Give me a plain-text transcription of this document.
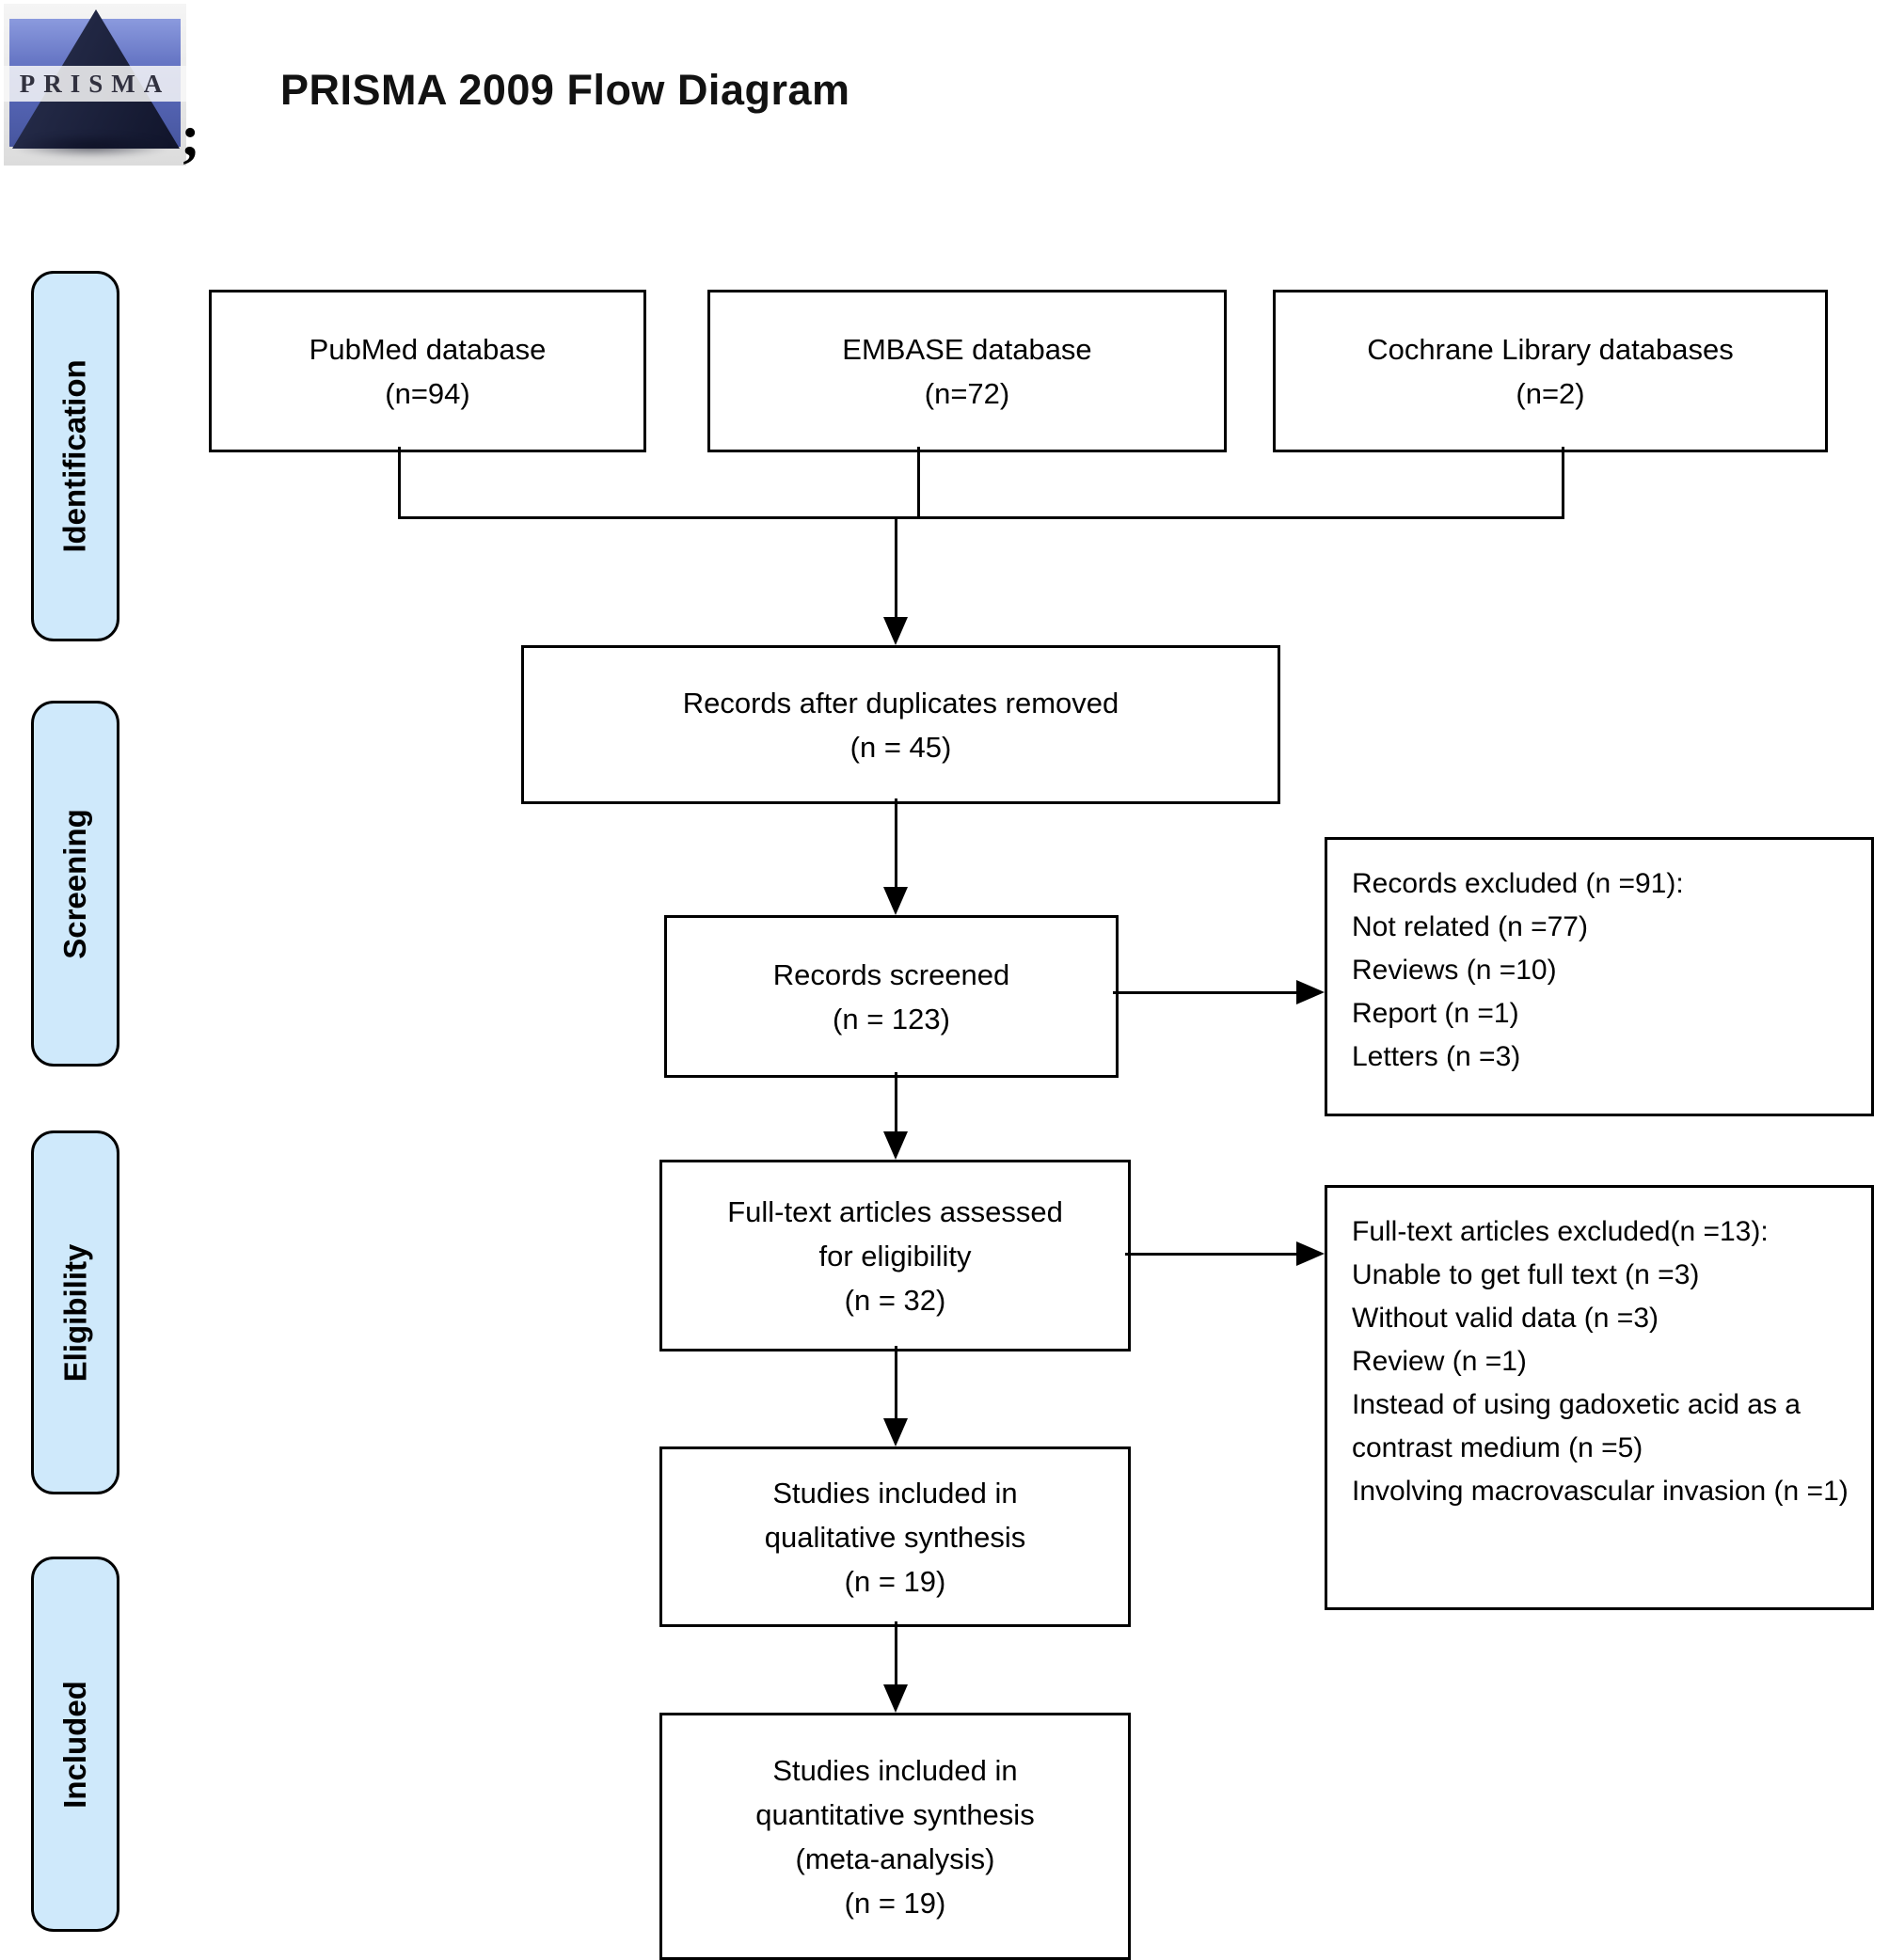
PRISMA
;
PRISMA 2009 Flow Diagram
Identification
Screening
Eligibility
Included
PubMed database
(n=94)
EMBASE database
(n=72)
Cochrane Library databases
(n=2)
Records after duplicates removed
(n = 45)
Records screened
(n = 123)
Records excluded (n =91):
Not related (n =77)
Reviews (n =10)
Report (n =1)
Letters (n =3)
Full-text articles assessed
for eligibility
(n = 32)
Full-text articles excluded(n =13):
Unable to get full text (n =3)
Without valid data (n =3)
Review (n =1)
Instead of using gadoxetic acid as a contrast medium (n =5)
Involving macrovascular invasion (n =1)
Studies included in
qualitative synthesis
(n = 19)
Studies included in
quantitative synthesis
(meta-analysis)
(n = 19)
